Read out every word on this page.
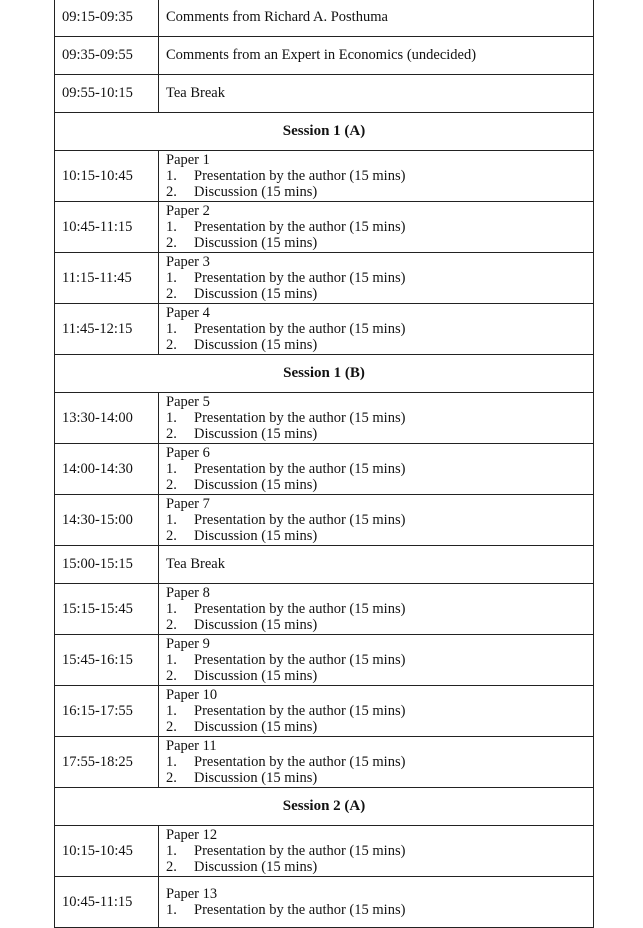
09:15-09:35	Comments from Richard A. Posthuma
09:35-09:55	Comments from an Expert in Economics (undecided)
09:55-10:15	Tea Break
Session 1 (A)	
10:15-10:45	Paper 1
1. Presentation by the author (15 mins)
2. Discussion (15 mins)

10:45-11:15	Paper 2
1. Presentation by the author (15 mins)
2. Discussion (15 mins)

11:15-11:45	Paper 3
1. Presentation by the author (15 mins)
2. Discussion (15 mins)

11:45-12:15	Paper 4
1. Presentation by the author (15 mins)
2. Discussion (15 mins)

Session 1 (B)	
13:30-14:00	Paper 5
1. Presentation by the author (15 mins)
2. Discussion (15 mins)

14:00-14:30	Paper 6
1. Presentation by the author (15 mins)
2. Discussion (15 mins)

14:30-15:00	Paper 7
1. Presentation by the author (15 mins)
2. Discussion (15 mins)

15:00-15:15	Tea Break
15:15-15:45	Paper 8
1. Presentation by the author (15 mins)
2. Discussion (15 mins)

15:45-16:15	Paper 9
1. Presentation by the author (15 mins)
2. Discussion (15 mins)

16:15-17:55	Paper 10
1. Presentation by the author (15 mins)
2. Discussion (15 mins)

17:55-18:25	Paper 11
1. Presentation by the author (15 mins)
2. Discussion (15 mins)

Session 2 (A)	
10:15-10:45	Paper 12
1. Presentation by the author (15 mins)
2. Discussion (15 mins)

10:45-11:15	Paper 13
1. Presentation by the author (15 mins)
